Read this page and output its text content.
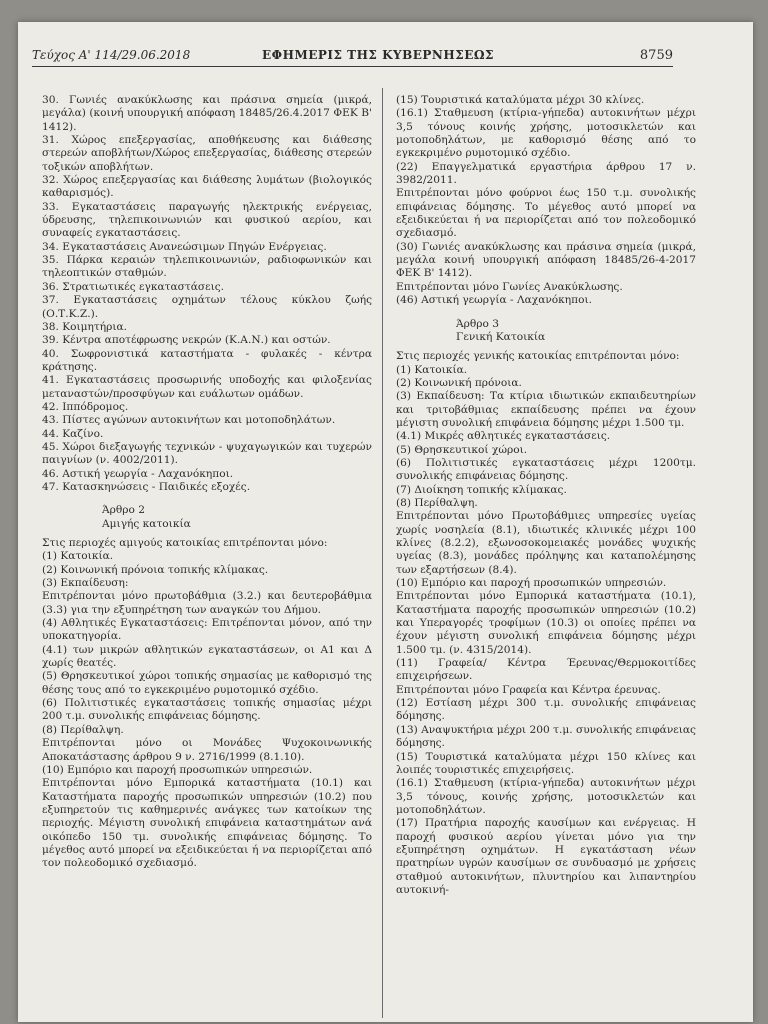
Τεύχος Α' 114/29.06.2018	ΕΦΗΜΕΡΙΣ ΤΗΣ ΚΥΒΕΡΝΗΣΕΩΣ	8759

30. Γωνιές ανακύκλωσης και πράσινα σημεία (μικρά, μεγάλα) (κοινή υπουργική απόφαση 18485/26.4.2017 ΦΕΚ Β' 1412).

31. Χώρος επεξεργασίας, αποθήκευσης και διάθεσης στερεών αποβλήτων/Χώρος επεξεργασίας, διάθεσης στερεών τοξικών αποβλήτων.

32. Χώρος επεξεργασίας και διάθεσης λυμάτων (βιολογικός καθαρισμός).

33. Εγκαταστάσεις παραγωγής ηλεκτρικής ενέργειας, ύδρευσης, τηλεπικοινωνιών και φυσικού αερίου, και συναφείς εγκαταστάσεις.

34. Εγκαταστάσεις Ανανεώσιμων Πηγών Ενέργειας.

35. Πάρκα κεραιών τηλεπικοινωνιών, ραδιοφωνικών και τηλεοπτικών σταθμών.

36. Στρατιωτικές εγκαταστάσεις.

37. Εγκαταστάσεις οχημάτων τέλους κύκλου ζωής (Ο.Τ.Κ.Ζ.).

38. Κοιμητήρια.

39. Κέντρα αποτέφρωσης νεκρών (Κ.Α.Ν.) και οστών.

40. Σωφρονιστικά καταστήματα - φυλακές - κέντρα κράτησης.

41. Εγκαταστάσεις προσωρινής υποδοχής και φιλοξενίας μεταναστών/προσφύγων και ευάλωτων ομάδων.

42. Ιππόδρομος.

43. Πίστες αγώνων αυτοκινήτων και μοτοποδηλάτων.

44. Καζίνο.

45. Χώροι διεξαγωγής τεχνικών - ψυχαγωγικών και τυχερών παιγνίων (ν. 4002/2011).

46. Αστική γεωργία - Λαχανόκηποι.

47. Κατασκηνώσεις - Παιδικές εξοχές.

Άρθρο 2

Αμιγής κατοικία

Στις περιοχές αμιγούς κατοικίας επιτρέπονται μόνο:

(1) Κατοικία.

(2) Κοινωνική πρόνοια τοπικής κλίμακας.

(3) Εκπαίδευση:

Επιτρέπονται μόνο πρωτοβάθμια (3.2.) και δευτεροβάθμια (3.3) για την εξυπηρέτηση των αναγκών του Δήμου.

(4) Αθλητικές Εγκαταστάσεις: Επιτρέπονται μόνον, από την υποκατηγορία.

(4.1) των μικρών αθλητικών εγκαταστάσεων, οι Α1 και Δ χωρίς θεατές.

(5) Θρησκευτικοί χώροι τοπικής σημασίας με καθορισμό της θέσης τους από το εγκεκριμένο ρυμοτομικό σχέδιο.

(6) Πολιτιστικές εγκαταστάσεις τοπικής σημασίας μέχρι 200 τ.μ. συνολικής επιφάνειας δόμησης.

(8) Περίθαλψη.

Επιτρέπονται μόνο οι Μονάδες Ψυχοκοινωνικής Αποκατάστασης άρθρου 9 ν. 2716/1999 (8.1.10).

(10) Εμπόριο και παροχή προσωπικών υπηρεσιών.

Επιτρέπονται μόνο Εμπορικά καταστήματα (10.1) και Καταστήματα παροχής προσωπικών υπηρεσιών (10.2) που εξυπηρετούν τις καθημερινές ανάγκες των κατοίκων της περιοχής. Μέγιστη συνολική επιφάνεια καταστημάτων ανά οικόπεδο 150 τμ. συνολικής επιφάνειας δόμησης. Το μέγεθος αυτό μπορεί να εξειδικεύεται ή να περιορίζεται από τον πολεοδομικό σχεδιασμό.

(15) Τουριστικά καταλύματα μέχρι 30 κλίνες.

(16.1) Σταθμευση (κτίρια-γήπεδα) αυτοκινήτων μέχρι 3,5 τόνους κοινής χρήσης, μοτοσικλετών και μοτοποδηλάτων, με καθορισμό θέσης από το εγκεκριμένο ρυμοτομικό σχέδιο.

(22) Επαγγελματικά εργαστήρια άρθρου 17 ν. 3982/2011.

Επιτρέπονται μόνο φούρνοι έως 150 τ.μ. συνολικής επιφάνειας δόμησης. Το μέγεθος αυτό μπορεί να εξειδικεύεται ή να περιορίζεται από τον πολεοδομικό σχεδιασμό.

(30) Γωνιές ανακύκλωσης και πράσινα σημεία (μικρά, μεγάλα κοινή υπουργική απόφαση 18485/26-4-2017 ΦΕΚ Β' 1412).

Επιτρέπονται μόνο Γωνίες Ανακύκλωσης.

(46) Αστική γεωργία - Λαχανόκηποι.

Άρθρο 3

Γενική Κατοικία

Στις περιοχές γενικής κατοικίας επιτρέπονται μόνο:

(1) Κατοικία.

(2) Κοινωνική πρόνοια.

(3) Εκπαίδευση: Τα κτίρια ιδιωτικών εκπαιδευτηρίων και τριτοβάθμιας εκπαίδευσης πρέπει να έχουν μέγιστη συνολική επιφάνεια δόμησης μέχρι 1.500 τμ.

(4.1) Μικρές αθλητικές εγκαταστάσεις.

(5) Θρησκευτικοί χώροι.

(6) Πολιτιστικές εγκαταστάσεις μέχρι 1200τμ. συνολικής επιφάνειας δόμησης.

(7) Διοίκηση τοπικής κλίμακας.

(8) Περίθαλψη.

Επιτρέπονται μόνο Πρωτοβάθμιες υπηρεσίες υγείας χωρίς νοσηλεία (8.1), ιδιωτικές κλινικές μέχρι 100 κλίνες (8.2.2), εξωνοσοκομειακές μονάδες ψυχικής υγείας (8.3), μονάδες πρόληψης και καταπολέμησης των εξαρτήσεων (8.4).

(10) Εμπόριο και παροχή προσωπικών υπηρεσιών.

Επιτρέπονται μόνο Εμπορικά καταστήματα (10.1), Καταστήματα παροχής προσωπικών υπηρεσιών (10.2) και Υπεραγορές τροφίμων (10.3) οι οποίες πρέπει να έχουν μέγιστη συνολική επιφάνεια δόμησης μέχρι 1.500 τμ. (ν. 4315/2014).

(11) Γραφεία/ Κέντρα Έρευνας/Θερμοκοιτίδες επιχειρήσεων.

Επιτρέπονται μόνο Γραφεία και Κέντρα έρευνας.

(12) Εστίαση μέχρι 300 τ.μ. συνολικής επιφάνειας δόμησης.

(13) Αναψυκτήρια μέχρι 200 τ.μ. συνολικής επιφάνειας δόμησης.

(15) Τουριστικά καταλύματα μέχρι 150 κλίνες και λοιπές τουριστικές επιχειρήσεις.

(16.1) Σταθμευση (κτίρια-γήπεδα) αυτοκινήτων μέχρι 3,5 τόνους, κοινής χρήσης, μοτοσικλετών και μοτοποδηλάτων.

(17) Πρατήρια παροχής καυσίμων και ενέργειας. Η παροχή φυσικού αερίου γίνεται μόνο για την εξυπηρέτηση οχημάτων. Η εγκατάσταση νέων πρατηρίων υγρών καυσίμων σε συνδυασμό με χρήσεις σταθμού αυτοκινήτων, πλυντηρίου και λιπαντηρίου αυτοκινή-
